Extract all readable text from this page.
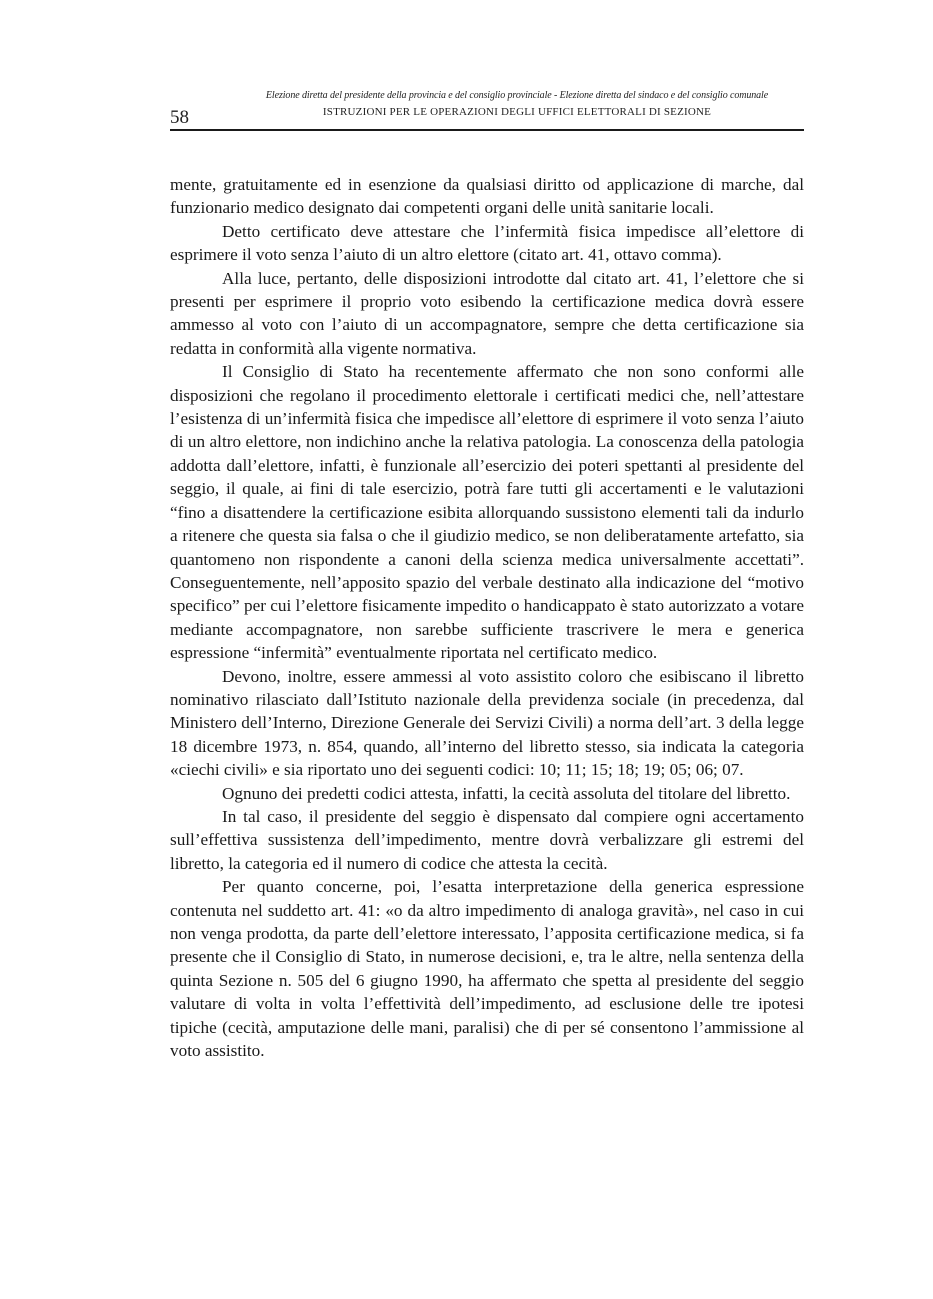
Elezione diretta del presidente della provincia e del consiglio provinciale - Elezione diretta del sindaco e del consiglio comunale
58	ISTRUZIONI PER LE OPERAZIONI DEGLI UFFICI ELETTORALI DI SEZIONE

mente, gratuitamente ed in esenzione da qualsiasi diritto od applicazione di marche, dal funzionario medico designato dai competenti organi delle unità sanitarie locali.

Detto certificato deve attestare che l’infermità fisica impedisce all’elettore di esprimere il voto senza l’aiuto di un altro elettore (citato art. 41, ottavo comma).

Alla luce, pertanto, delle disposizioni introdotte dal citato art. 41, l’elettore che si presenti per esprimere il proprio voto esibendo la certificazione medica dovrà essere ammesso al voto con l’aiuto di un accompagnatore, sempre che detta certificazione sia redatta in conformità alla vigente normativa.

Il Consiglio di Stato ha recentemente affermato che non sono conformi alle disposizioni che regolano il procedimento elettorale i certificati medici che, nell’attestare l’esistenza di un’infermità fisica che impedisce all’elettore di esprimere il voto senza l’aiuto di un altro elettore, non indichino anche la relativa patologia. La conoscenza della patologia addotta dall’elettore, infatti, è funzionale all’esercizio dei poteri spettanti al presidente del seggio, il quale, ai fini di tale esercizio, potrà fare tutti gli accertamenti e le valutazioni “fino a disattendere la certificazione esibita allorquando sussistono elementi tali da indurlo a ritenere che questa sia falsa o che il giudizio medico, se non deliberatamente artefatto, sia quantomeno non rispondente a canoni della scienza medica universalmente accettati”. Conseguentemente, nell’apposito spazio del verbale destinato alla indicazione del “motivo specifico” per cui l’elettore fisicamente impedito o handicappato è stato autorizzato a votare mediante accompagnatore, non sarebbe sufficiente trascrivere le mera e generica espressione “infermità” eventualmente riportata nel certificato medico.

Devono, inoltre, essere ammessi al voto assistito coloro che esibiscano il libretto nominativo rilasciato dall’Istituto nazionale della previdenza sociale (in precedenza, dal Ministero dell’Interno, Direzione Generale dei Servizi Civili) a norma dell’art. 3 della legge 18 dicembre 1973, n. 854, quando, all’interno del libretto stesso, sia indicata la categoria «ciechi civili» e sia riportato uno dei seguenti codici: 10; 11; 15; 18; 19; 05; 06; 07.

Ognuno dei predetti codici attesta, infatti, la cecità assoluta del titolare del libretto.

In tal caso, il presidente del seggio è dispensato dal compiere ogni accertamento sull’effettiva sussistenza dell’impedimento, mentre dovrà verbalizzare gli estremi del libretto, la categoria ed il numero di codice che attesta la cecità.

Per quanto concerne, poi, l’esatta interpretazione della generica espressione contenuta nel suddetto art. 41: «o da altro impedimento di analoga gravità», nel caso in cui non venga prodotta, da parte dell’elettore interessato, l’apposita certificazione medica, si fa presente che il Consiglio di Stato, in numerose decisioni, e, tra le altre, nella sentenza della quinta Sezione n. 505 del 6 giugno 1990, ha affermato che spetta al presidente del seggio valutare di volta in volta l’effettività dell’impedimento, ad esclusione delle tre ipotesi tipiche (cecità, amputazione delle mani, paralisi) che di per sé consentono l’ammissione al voto assistito.
